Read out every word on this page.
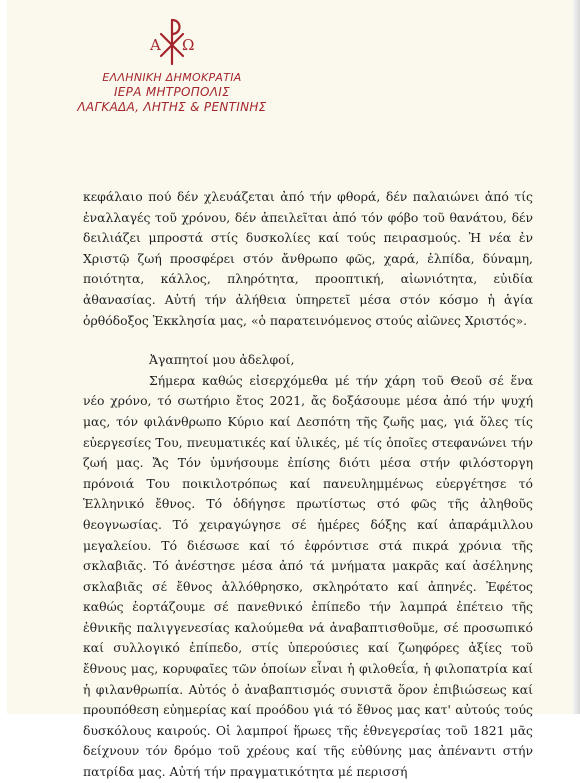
Α Ω
ΕΛΛΗΝΙΚΗ ΔΗΜΟΚΡΑΤΙΑ
ΙΕΡΑ ΜΗΤΡΟΠΟΛΙΣ
ΛΑΓΚΑΔΑ, ΛΗΤΗΣ & ΡΕΝΤΙΝΗΣ

κεφάλαιο πού δέν χλευάζεται ἀπό τήν φθορά, δέν παλαιώνει ἀπό τίς ἐναλλαγές τοῦ χρόνου, δέν ἀπειλεῖται ἀπό τόν φόβο τοῦ θανάτου, δέν δειλιάζει μπροστά στίς δυσκολίες καί τούς πειρασμούς. Ἡ νέα ἐν Χριστῷ ζωή προσφέρει στόν ἄνθρωπο φῶς, χαρά, ἐλπίδα, δύναμη, ποιότητα, κάλλος, πληρότητα, προοπτική, αἰωνιότητα, εὐιδία ἀθανασίας. Αὐτή τήν ἀλήθεια ὑπηρετεῖ μέσα στόν κόσμο ἡ ἁγία ὀρθόδοξος Ἐκκλησία μας, «ὁ παρατεινόμενος στούς αἰῶνες Χριστός».

Ἀγαπητοί μου ἀδελφοί,

Σήμερα καθώς εἰσερχόμεθα μέ τήν χάρη τοῦ Θεοῦ σέ ἕνα νέο χρόνο, τό σωτήριο ἔτος 2021, ἄς δοξάσουμε μέσα ἀπό τήν ψυχή μας, τόν φιλάνθρωπο Κύριο καί Δεσπότη τῆς ζωῆς μας, γιά ὅλες τίς εὐεργεσίες Του, πνευματικές καί ὑλικές, μέ τίς ὁποῖες στεφανώνει τήν ζωή μας. Ἄς Τόν ὑμνήσουμε ἐπίσης διότι μέσα στήν φιλόστοργη πρόνοιά Του ποικιλοτρόπως καί πανευλημμένως εὐεργέτησε τό Ἑλληνικό ἔθνος. Τό ὁδήγησε πρωτίστως στό φῶς τῆς ἀληθοῦς θεογνωσίας. Τό χειραγώγησε σέ ἡμέρες δόξης καί ἀπαράμιλλου μεγαλείου. Τό διέσωσε καί τό ἐφρόντισε στά πικρά χρόνια τῆς σκλαβιᾶς. Τό ἀνέστησε μέσα ἀπό τά μνήματα μακρᾶς καί ἀσέληνης σκλαβιᾶς σέ ἔθνος ἀλλόθρησκο, σκληρότατο καί ἀπηνές. Ἐφέτος καθώς ἑορτάζουμε σέ πανεθνικό ἐπίπεδο τήν λαμπρά ἐπέτειο τῆς ἐθνικῆς παλιγγενεσίας καλούμεθα νά ἀναβαπτισθοῦμε, σέ προσωπικό καί συλλογικό ἐπίπεδο, στίς ὑπερούσιες καί ζωηφόρες ἀξίες τοῦ ἔθνους μας, κορυφαῖες τῶν ὁποίων εἶναι ἡ φιλοθεΐα, ἡ φιλοπατρία καί ἡ φιλανθρωπία. Αὐτός ὁ ἀναβαπτισμός συνιστᾶ ὅρον ἐπιβιώσεως καί προυπόθεση εὐημερίας καί προόδου γιά τό ἔθνος μας κατ' αὐτούς τούς δυσκόλους καιρούς. Οἱ λαμπροί ἥρωες τῆς ἐθνεγερσίας τοῦ 1821 μᾶς δείχνουν τόν δρόμο τοῦ χρέους καί τῆς εὐθύνης μας ἀπέναντι στήν πατρίδα μας. Αὐτή τήν πραγματικότητα μέ περισσή
